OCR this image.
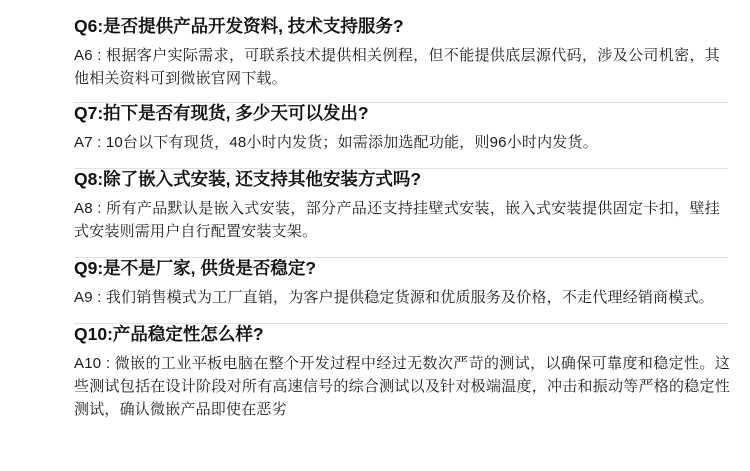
Q6:是否提供产品开发资料, 技术支持服务?
A6 : 根据客户实际需求，可联系技术提供相关例程，但不能提供底层源代码，涉及公司机密，其他相关资料可到微嵌官网下载。
Q7:拍下是否有现货, 多少天可以发出?
A7 : 10台以下有现货，48小时内发货；如需添加选配功能，则96小时内发货。
Q8:除了嵌入式安装, 还支持其他安装方式吗?
A8 : 所有产品默认是嵌入式安装，部分产品还支持挂壁式安装，嵌入式安装提供固定卡扣，壁挂式安装则需用户自行配置安装支架。
Q9:是不是厂家, 供货是否稳定?
A9 : 我们销售模式为工厂直销，为客户提供稳定货源和优质服务及价格，不走代理经销商模式。
Q10:产品稳定性怎么样?
A10 : 微嵌的工业平板电脑在整个开发过程中经过无数次严苛的测试，以确保可靠度和稳定性。这些测试包括在设计阶段对所有高速信号的综合测试以及针对极端温度，冲击和振动等严格的稳定性测试，确认微嵌产品即使在恶劣
